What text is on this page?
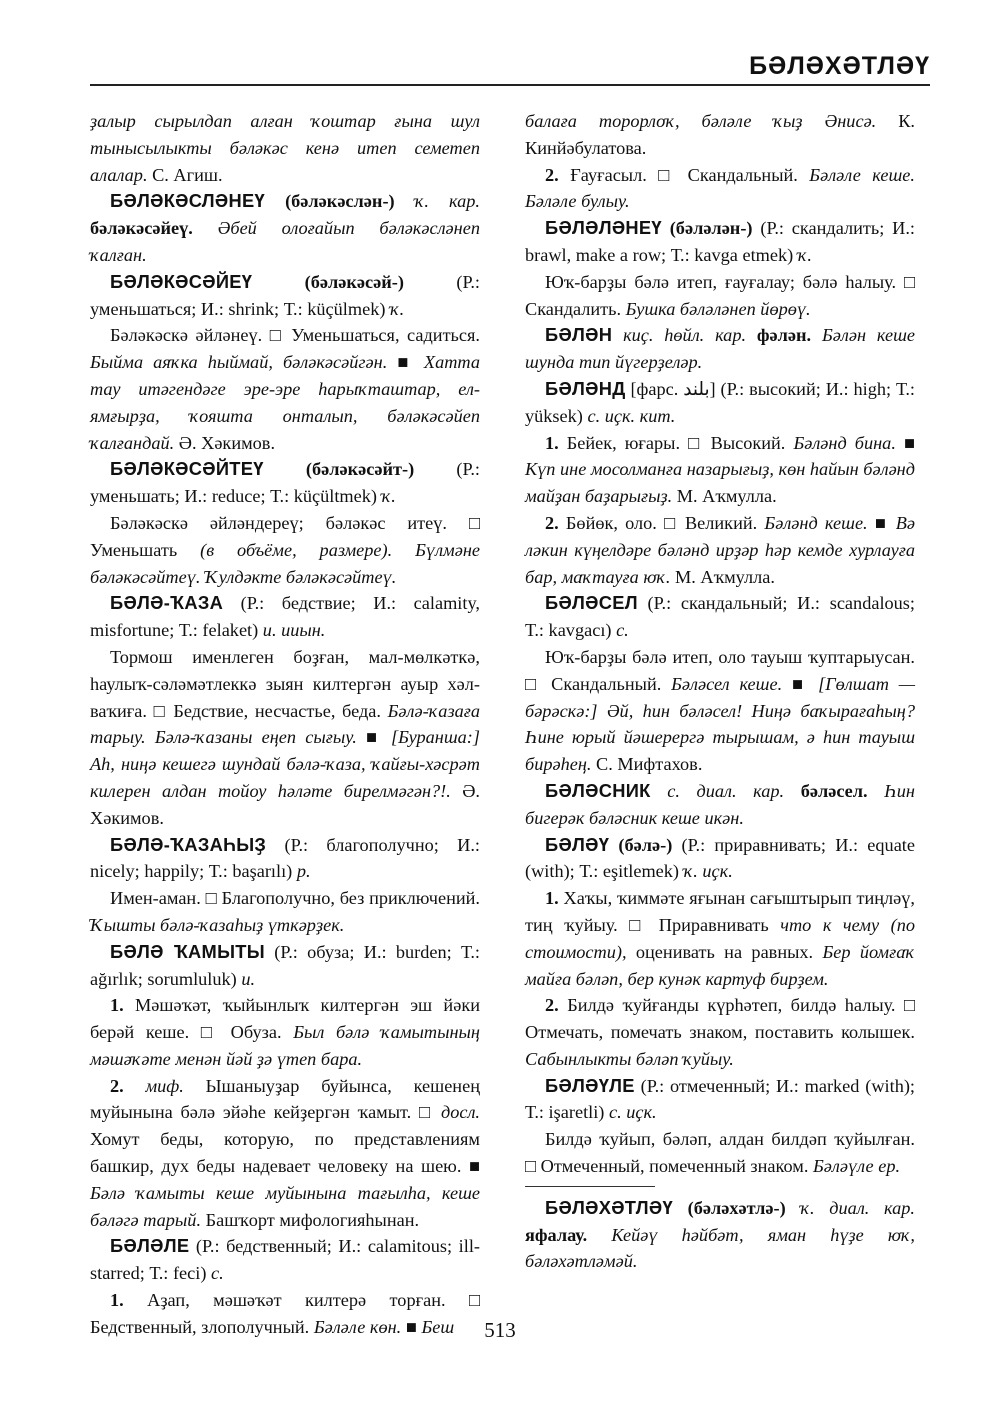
БӘЛӘХӘТЛӘҮ

ҙалыр сырылдап алған ҡоштар ғына шул тынысылыкты бәләкәс кенә итеп семетеп алалар. С. Агиш.

БӘЛӘКӘСЛӘНЕҮ (бәләкәслән-) ҡ. кар. бәләкәсәйеү. Әбей олоғайып бәләкәсләнеп ҡалған.

БӘЛӘКӘСӘЙЕҮ (бәләкәсәй-) (Р.: уменьшаться; И.: shrink; Т.: küçülmek) ҡ.

Бәләкәскә әйләнеү. □ Уменьшаться, садиться. Быйма аяҡка һыймай, бәләкәсәйгән. ■ Хатта тау итәгендәге эре-эре һарыҡташтар, ел-ямғырҙа, ҡояшта онталып, бәләкәсәйеп ҡалғандай. Ә. Хәкимов.

БӘЛӘКӘСӘЙТЕҮ (бәләкәсәйт-) (Р.: уменьшать; И.: reduce; Т.: küçültmek) ҡ.

Бәләкәскә әйләндереү; бәләкәс итеү. □ Уменьшать (в объёме, размере). Бүлмәне бәләкәсәйтеү. Ҡулдәкте бәләкәсәйтеү.

БӘЛӘ-ҠАЗА (Р.: бедствие; И.: calamity, misfortune; Т.: felaket) и. ииын.

Тормош именлеген боҙған, мал-мөлкәткә, һаулыҡ-сәләмәтлеккә зыян килтергән ауыр хәл-ваҡиға. □ Бедствие, несчастье, беда. Бәлә-ҡазаға тарыу. Бәлә-ҡазаны еңеп сығыу. ■ [Буранша:] Ah, ниңә кешегә шундай бәлә-ҡаза, ҡайғы-хәсрәт килерен алдан тойоу һәләте бирелмәгән?!. Ә. Хәкимов.

БӘЛӘ-ҠАЗАҺЫҘ (Р.: благополучно; И.: nicely; happily; Т.: başarılı) р.

Имен-аман. □ Благополучно, без приключений. Ҡышты бәлә-ҡазаһыҙ үткәрҙек.

БӘЛӘ ҠАМЫТЫ (Р.: обуза; И.: burden; Т.: ağırlık; sorumluluk) и.

1. Мәшәҡәт, ҡыйынлыҡ килтергән эш йәки берәй кеше. □ Обуза. Был бәлә ҡамытының мәшәҡәте менән йәй ҙә үтеп бара.

2. миф. Ышаныуҙар буйынса, кешенең муйынына бәлә эйәһе кейҙергән ҡамыт. □ досл. Хомут беды, которую, по представлениям башкир, дух беды надевает человеку на шею. ■ Бәлә ҡамыты кеше муйынына тағылһа, кеше бәләгә тарый. Башҡорт мифологияһынан.

БӘЛӘЛЕ (Р.: бедственный; И.: calamitous; ill-starred; Т.: feci) с.

1. Аҙап, мәшәҡәт килтерә торған. □ Бедственный, злополучный. Бәләле көн. ■ Беш

балаға торорлоҡ, бәләле ҡыҙ Әнисә. К. Кинйәбулатова.

2. Ғауғасыл. □ Скандальный. Бәләле кеше. Бәләле булыу.

БӘЛӘЛӘНЕҮ (бәләлән-) (Р.: скандалить; И.: brawl, make a row; Т.: kavga etmek) ҡ.

Юҡ-барҙы бәлә итеп, ғауғалау; бәлә һалыу. □ Скандалить. Бушка бәләләнеп йөрөү.

БӘЛӘН киҫ. һөйл. кар. фәлән. Бәлән кеше шунда тип йүгерҙеләр.

БӘЛӘНД [фарс. بلند] (Р.: высокий; И.: high; Т.: yüksek) с. иҫк. кит.

1. Бейек, юғары. □ Высокий. Бәләнд бина. ■ Күп ине мосолманға назарығыҙ, көн һайын бәләнд майҙан баҙарығыҙ. М. Аҡмулла.

2. Бөйөк, оло. □ Великий. Бәләнд кеше. ■ Вә ләкин күңелдәре бәләнд ирҙәр һәр кемде хурлауға бар, маҡтауға юҡ. М. Аҡмулла.

БӘЛӘСЕЛ (Р.: скандальный; И.: scandalous; Т.: kavgacı) с.

Юҡ-барҙы бәлә итеп, оло тауыш ҡуптарыусан. □ Скандальный. Бәләсел кеше. ■ [Гөлшат — бәрәскә:] Әй, һин бәләсел! Ниңә баҡырағаһың? Һине юрый йәшерергә тырышам, ә һин тауыш бирәһең. С. Мифтахов.

БӘЛӘСНИК с. диал. кар. бәләсел. Һин бигерәк бәләсник кеше икән.

БӘЛӘҮ (бәлә-) (Р.: приравнивать; И.: equate (with); Т.: eşitlemek) ҡ. иҫк.

1. Хаҡы, ҡиммәте яғынан сағыштырып тиңләү, тиң ҡуйыу. □ Приравнивать что к чему (по стоимости), оценивать на равных. Бер йомғаҡ майға бәләп, бер кунәк картуф бирҙем.

2. Билдә ҡуйғанды күрһәтеп, билдә һалыу. □ Отмечать, помечать знаком, поставить колышек. Сабынлыкты бәләп ҡуйыу.

БӘЛӘҮЛЕ (Р.: отмеченный; И.: marked (with); Т.: işaretli) с. иҫк.

Билдә ҡуйып, бәләп, алдан билдәп ҡуйылған. □ Отмеченный, помеченный знаком. Бәләүле ер.

БӘЛӘХӘТЛӘҮ (бәләхәтлә-) ҡ. диал. кар. яфалау. Кейәү һәйбәт, яман һүҙе юҡ, бәләхәтләмәй.

513
